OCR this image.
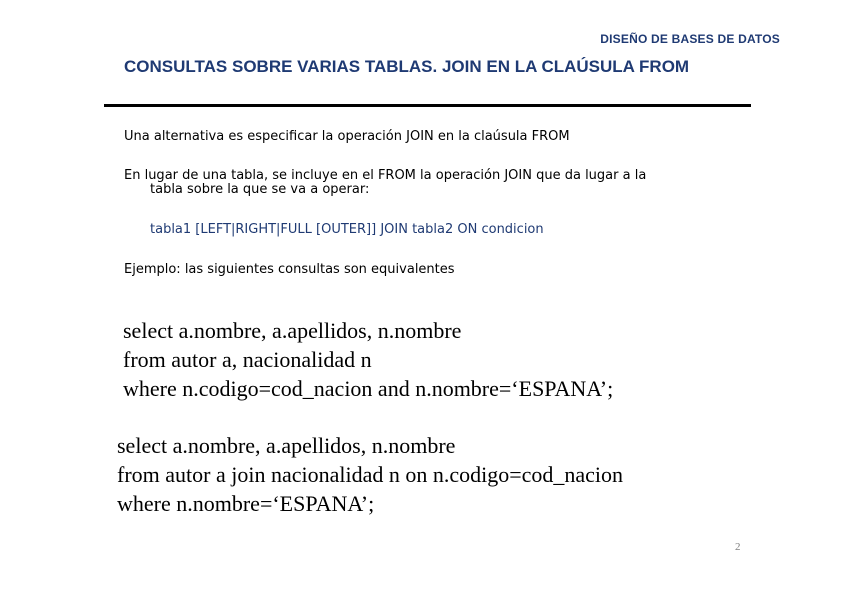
DISEÑO DE BASES DE DATOS
CONSULTAS SOBRE VARIAS TABLAS. JOIN EN LA CLAÚSULA FROM
Una alternativa es especificar la operación JOIN en la claúsula FROM
En lugar de una tabla, se incluye en el FROM la operación JOIN que da lugar a la
tabla sobre la que se va a operar:
tabla1 [LEFT|RIGHT|FULL [OUTER]] JOIN tabla2 ON condicion
Ejemplo: las siguientes consultas son equivalentes
select a.nombre, a.apellidos, n.nombre
from autor a, nacionalidad n
where n.codigo=cod_nacion and n.nombre=‘ESPANA’;
select a.nombre, a.apellidos, n.nombre
from autor a join nacionalidad n on n.codigo=cod_nacion
where n.nombre=‘ESPANA’;
2
